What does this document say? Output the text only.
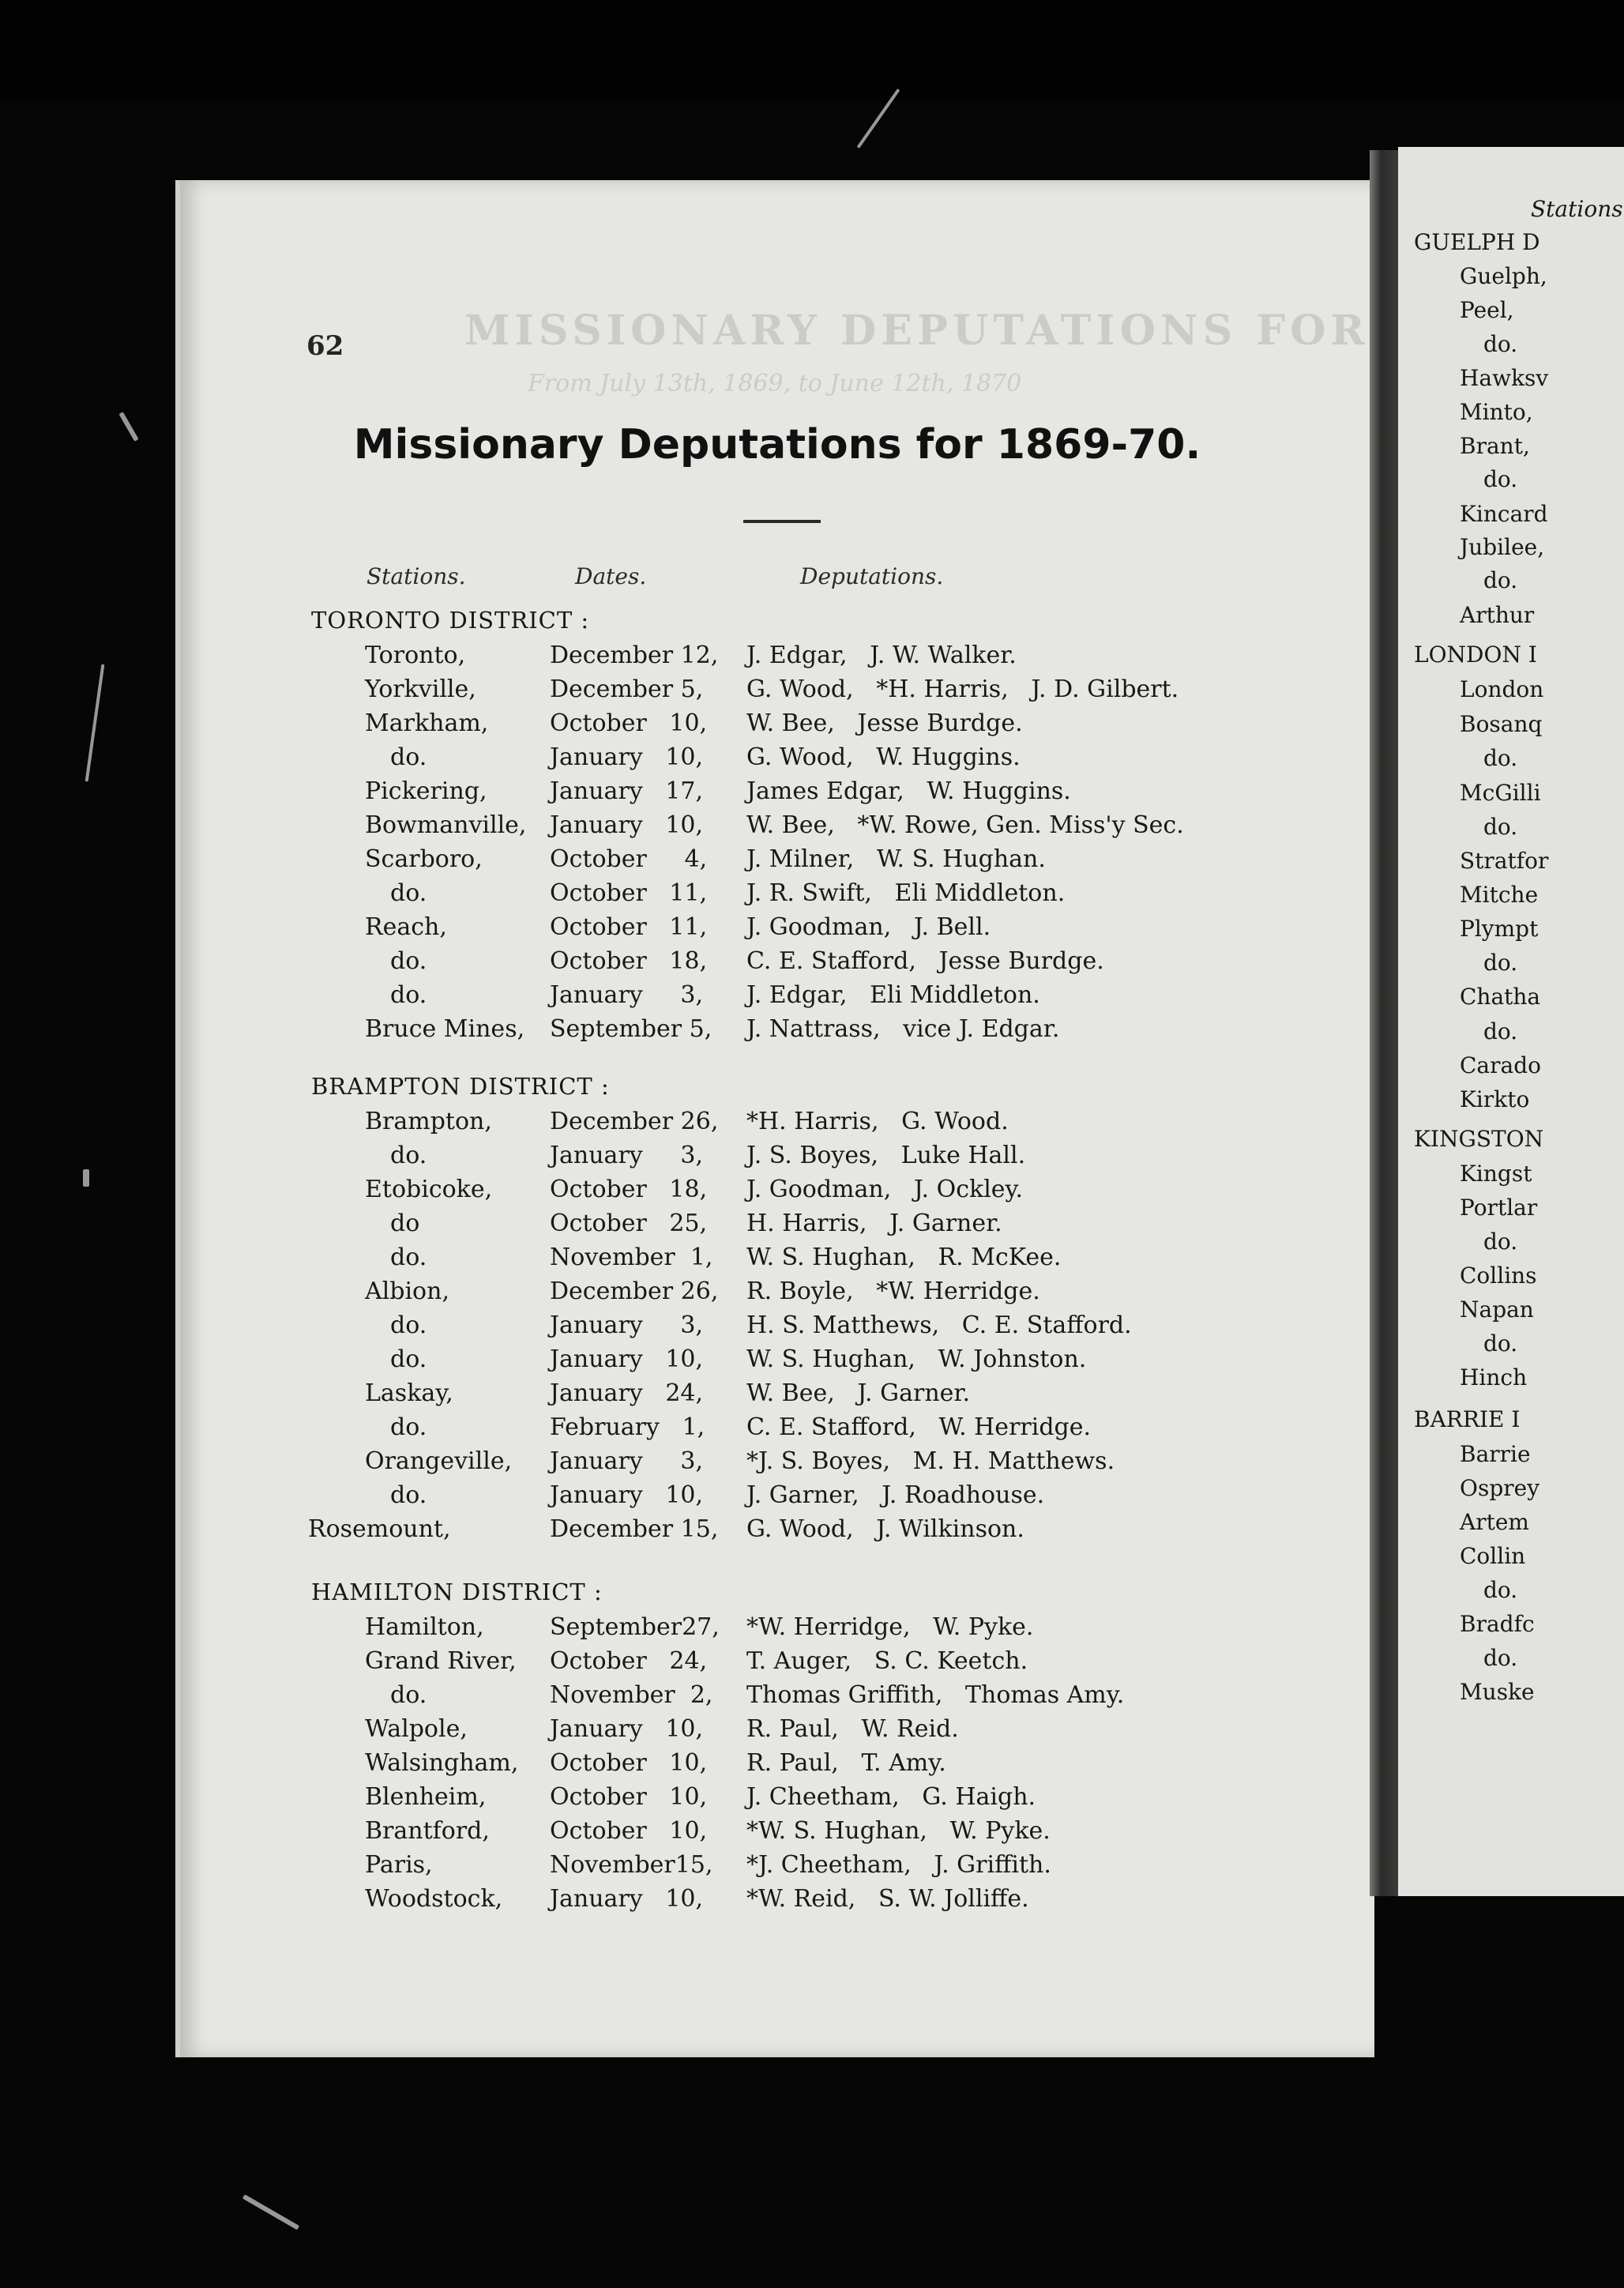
MISSIONARY DEPUTATIONS FOR
From July 13th, 1869, to June 12th, 1870
62
Missionary Deputations for 1869-70.
Stations.	Dates.	Deputations.
TORONTO DISTRICT :
Toronto,	December 12, J. Edgar,   J. W. Walker.
Yorkville,	December 5, G. Wood,   *H. Harris,   J. D. Gilbert.
Markham,	October   10, W. Bee,   Jesse Burdge.
do.	January   10, G. Wood,   W. Huggins.
Pickering,	January   17, James Edgar,   W. Huggins.
Bowmanville, January   10, W. Bee,   *W. Rowe, Gen. Miss'y Sec.
Scarboro,	October     4, J. Milner,   W. S. Hughan.
do.	October   11, J. R. Swift,   Eli Middleton.
Reach,	October   11, J. Goodman,   J. Bell.
do.	October   18, C. E. Stafford,   Jesse Burdge.
do.	January     3, J. Edgar,   Eli Middleton.
Bruce Mines, September 5, J. Nattrass,   vice J. Edgar.
BRAMPTON DISTRICT :
Brampton, December 26, *H. Harris,   G. Wood.
do.	January     3, J. S. Boyes,   Luke Hall.
Etobicoke, October   18, J. Goodman,   J. Ockley.
do	October   25, H. Harris,   J. Garner.
do.	November  1, W. S. Hughan,   R. McKee.
Albion,	December 26, R. Boyle,   *W. Herridge.
do.	January     3, H. S. Matthews,   C. E. Stafford.
do.	January   10, W. S. Hughan,   W. Johnston.
Laskay,	January   24, W. Bee,   J. Garner.
do.	February   1, C. E. Stafford,   W. Herridge.
Orangeville, January     3, *J. S. Boyes,   M. H. Matthews.
do.	January   10, J. Garner,   J. Roadhouse.
Rosemount,	December 15, G. Wood,   J. Wilkinson.
HAMILTON DISTRICT :
Hamilton,	September27, *W. Herridge,   W. Pyke.
Grand River, October   24, T. Auger,   S. C. Keetch.
do.	November  2, Thomas Griffith,   Thomas Amy.
Walpole,	January   10, R. Paul,   W. Reid.
Walsingham, October   10, R. Paul,   T. Amy.
Blenheim,	October   10, J. Cheetham,   G. Haigh.
Brantford,	October   10, *W. S. Hughan,   W. Pyke.
Paris,	November15, *J. Cheetham,   J. Griffith.
Woodstock, January   10, *W. Reid,   S. W. Jolliffe.
Stations
GUELPH D
Guelph,
Peel,
do.
Hawksv
Minto,
Brant,
do.
Kincard
Jubilee,
do.
Arthur
LONDON I
London
Bosanq
do.
McGilli
do.
Stratfor
Mitche
Plympt
do.
Chatha
do.
Carado
Kirkto
KINGSTON
Kingst
Portlar
do.
Collins
Napan
do.
Hinch
BARRIE I
Barrie
Osprey
Artem
Collin
do.
Bradfc
do.
Muske
